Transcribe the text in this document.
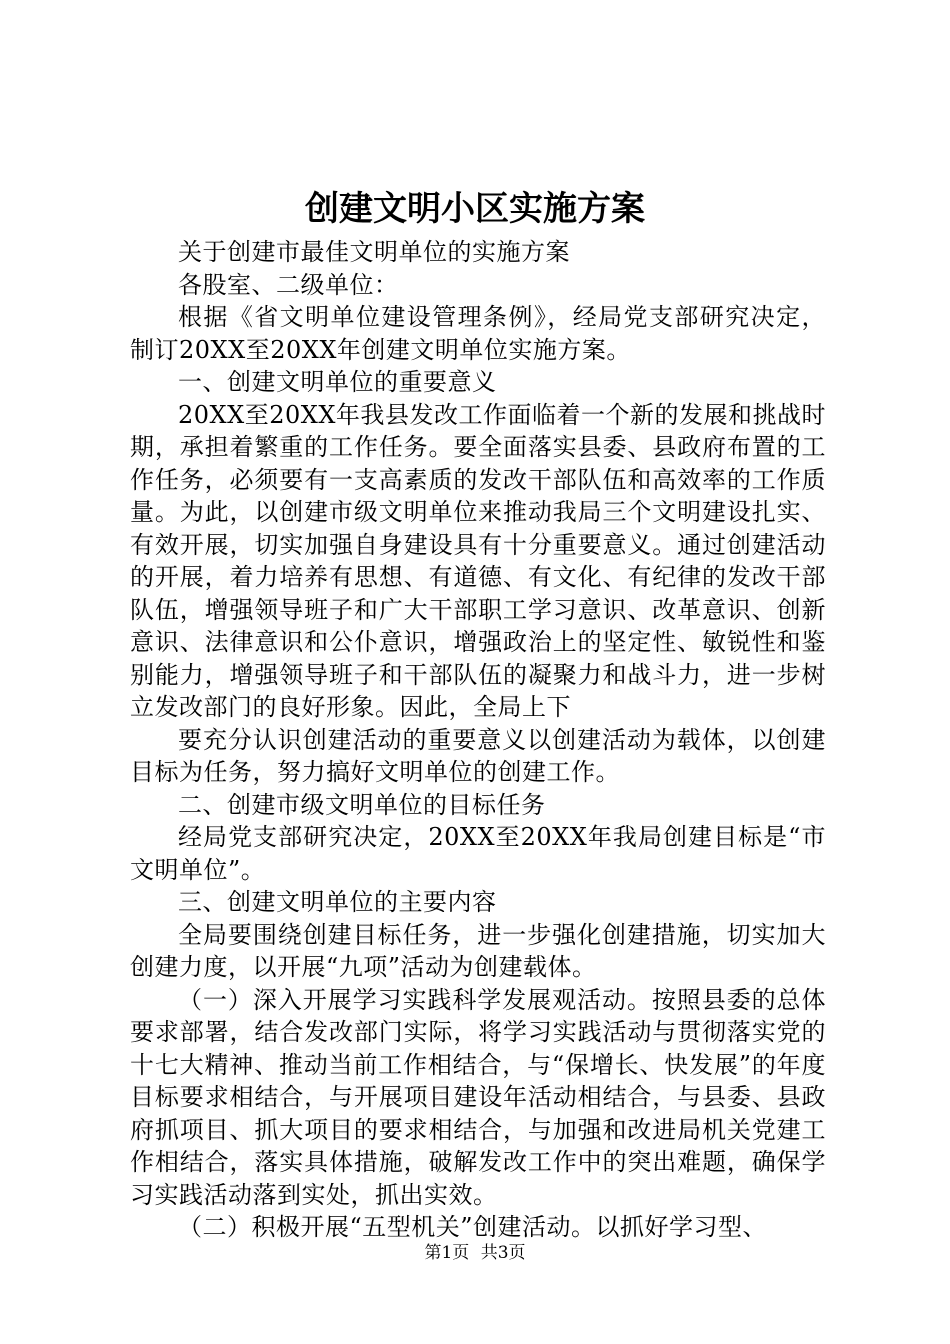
创建文明小区实施方案

关于创建市最佳文明单位的实施方案

各股室、二级单位：

根据《省文明单位建设管理条例》，经局党支部研究决定，制订20XX至20XX年创建文明单位实施方案。

一、创建文明单位的重要意义

20XX至20XX年我县发改工作面临着一个新的发展和挑战时期，承担着繁重的工作任务。要全面落实县委、县政府布置的工作任务，必须要有一支高素质的发改干部队伍和高效率的工作质量。为此，以创建市级文明单位来推动我局三个文明建设扎实、有效开展，切实加强自身建设具有十分重要意义。通过创建活动的开展，着力培养有思想、有道德、有文化、有纪律的发改干部队伍，增强领导班子和广大干部职工学习意识、改革意识、创新意识、法律意识和公仆意识，增强政治上的坚定性、敏锐性和鉴别能力，增强领导班子和干部队伍的凝聚力和战斗力，进一步树立发改部门的良好形象。因此，全局上下

要充分认识创建活动的重要意义以创建活动为载体，以创建目标为任务，努力搞好文明单位的创建工作。

二、创建市级文明单位的目标任务

经局党支部研究决定，20XX至20XX年我局创建目标是“市文明单位”。

三、创建文明单位的主要内容

全局要围绕创建目标任务，进一步强化创建措施，切实加大创建力度，以开展“九项”活动为创建载体。

（一）深入开展学习实践科学发展观活动。按照县委的总体要求部署，结合发改部门实际，将学习实践活动与贯彻落实党的十七大精神、推动当前工作相结合，与“保增长、快发展”的年度目标要求相结合，与开展项目建设年活动相结合，与县委、县政府抓项目、抓大项目的要求相结合，与加强和改进局机关党建工作相结合，落实具体措施，破解发改工作中的突出难题，确保学习实践活动落到实处，抓出实效。

（二）积极开展“五型机关”创建活动。以抓好学习型、

第1页 共3页
